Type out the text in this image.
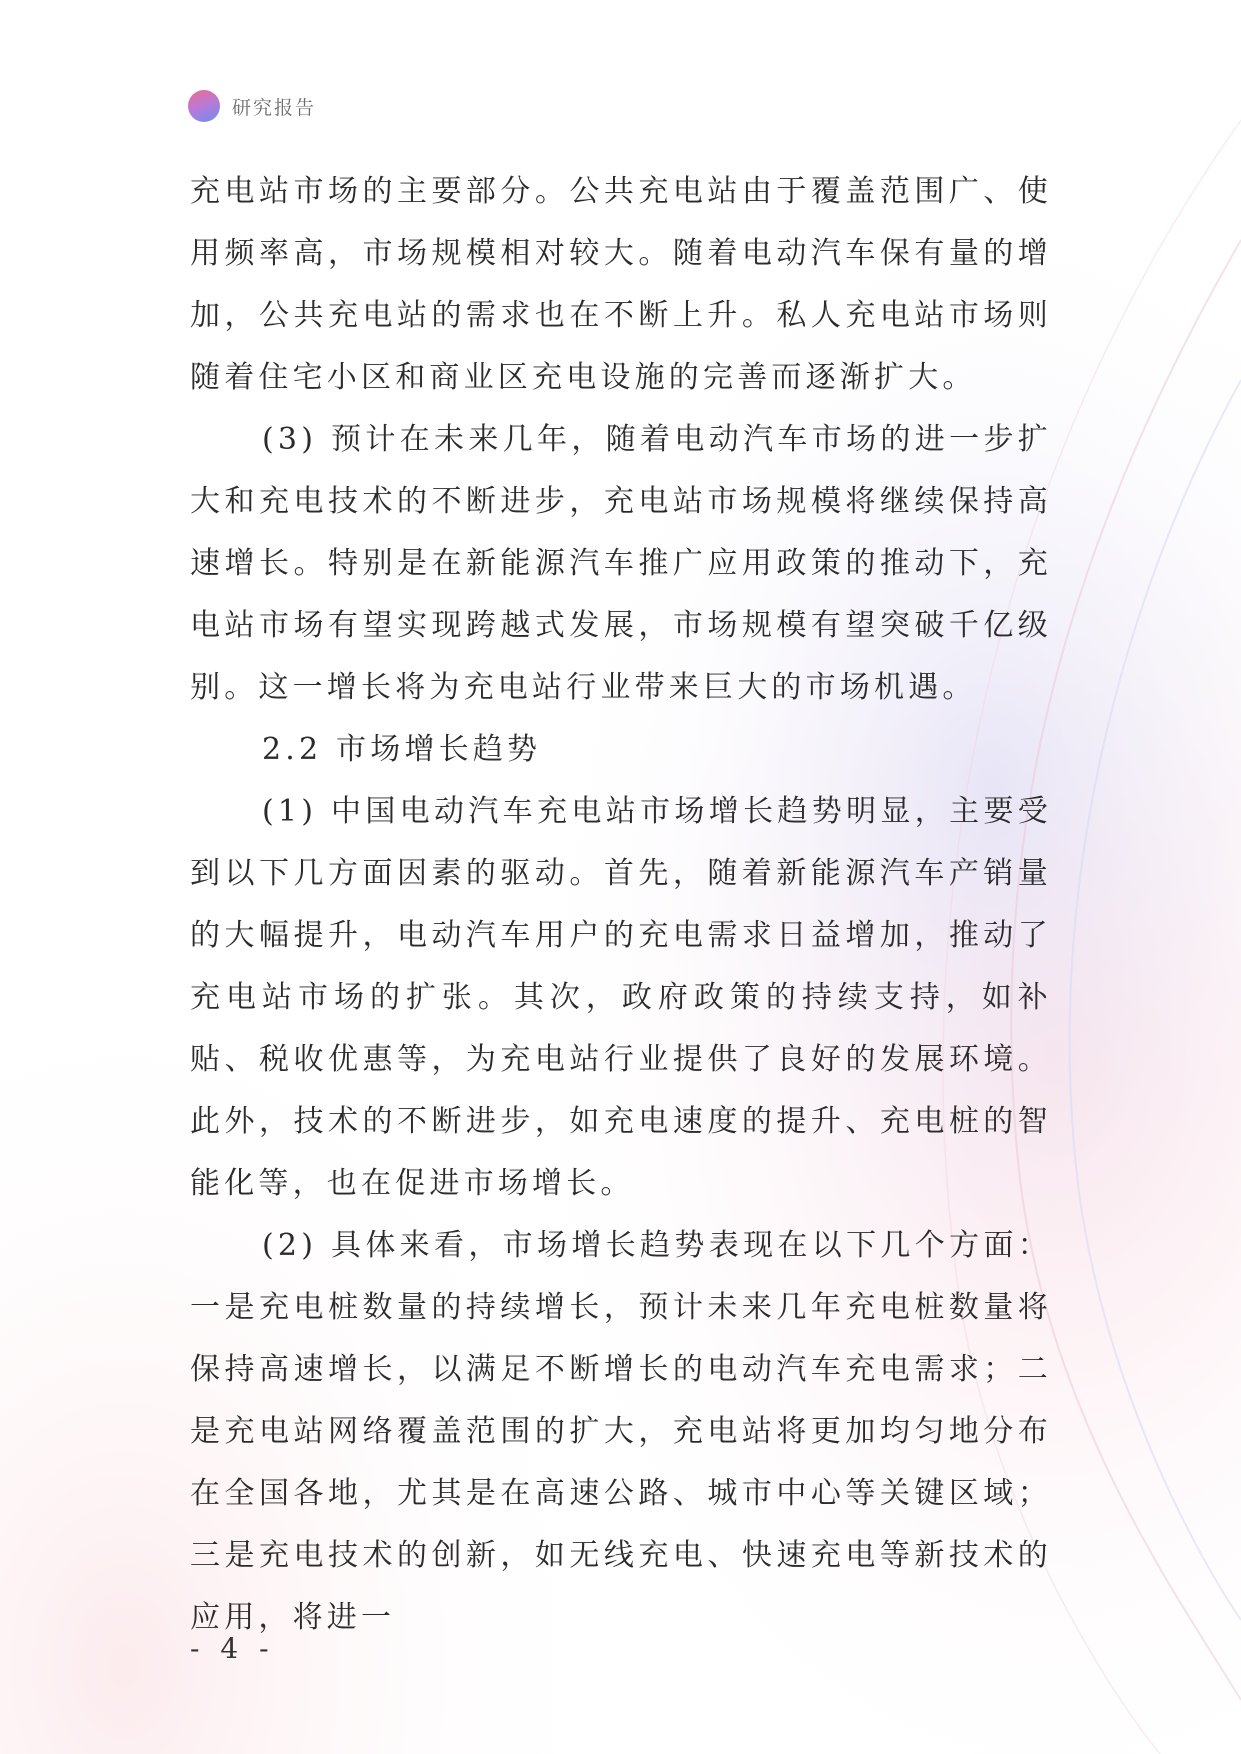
研究报告

充电站市场的主要部分。公共充电站由于覆盖范围广、使用频率高，市场规模相对较大。随着电动汽车保有量的增加，公共充电站的需求也在不断上升。私人充电站市场则随着住宅小区和商业区充电设施的完善而逐渐扩大。

(3) 预计在未来几年，随着电动汽车市场的进一步扩大和充电技术的不断进步，充电站市场规模将继续保持高速增长。特别是在新能源汽车推广应用政策的推动下，充电站市场有望实现跨越式发展，市场规模有望突破千亿级别。这一增长将为充电站行业带来巨大的市场机遇。

2.2 市场增长趋势

(1) 中国电动汽车充电站市场增长趋势明显，主要受到以下几方面因素的驱动。首先，随着新能源汽车产销量的大幅提升，电动汽车用户的充电需求日益增加，推动了充电站市场的扩张。其次，政府政策的持续支持，如补贴、税收优惠等，为充电站行业提供了良好的发展环境。此外，技术的不断进步，如充电速度的提升、充电桩的智能化等，也在促进市场增长。

(2) 具体来看，市场增长趋势表现在以下几个方面：一是充电桩数量的持续增长，预计未来几年充电桩数量将保持高速增长，以满足不断增长的电动汽车充电需求；二是充电站网络覆盖范围的扩大，充电站将更加均匀地分布在全国各地，尤其是在高速公路、城市中心等关键区域；三是充电技术的创新，如无线充电、快速充电等新技术的应用，将进一

- 4 -
